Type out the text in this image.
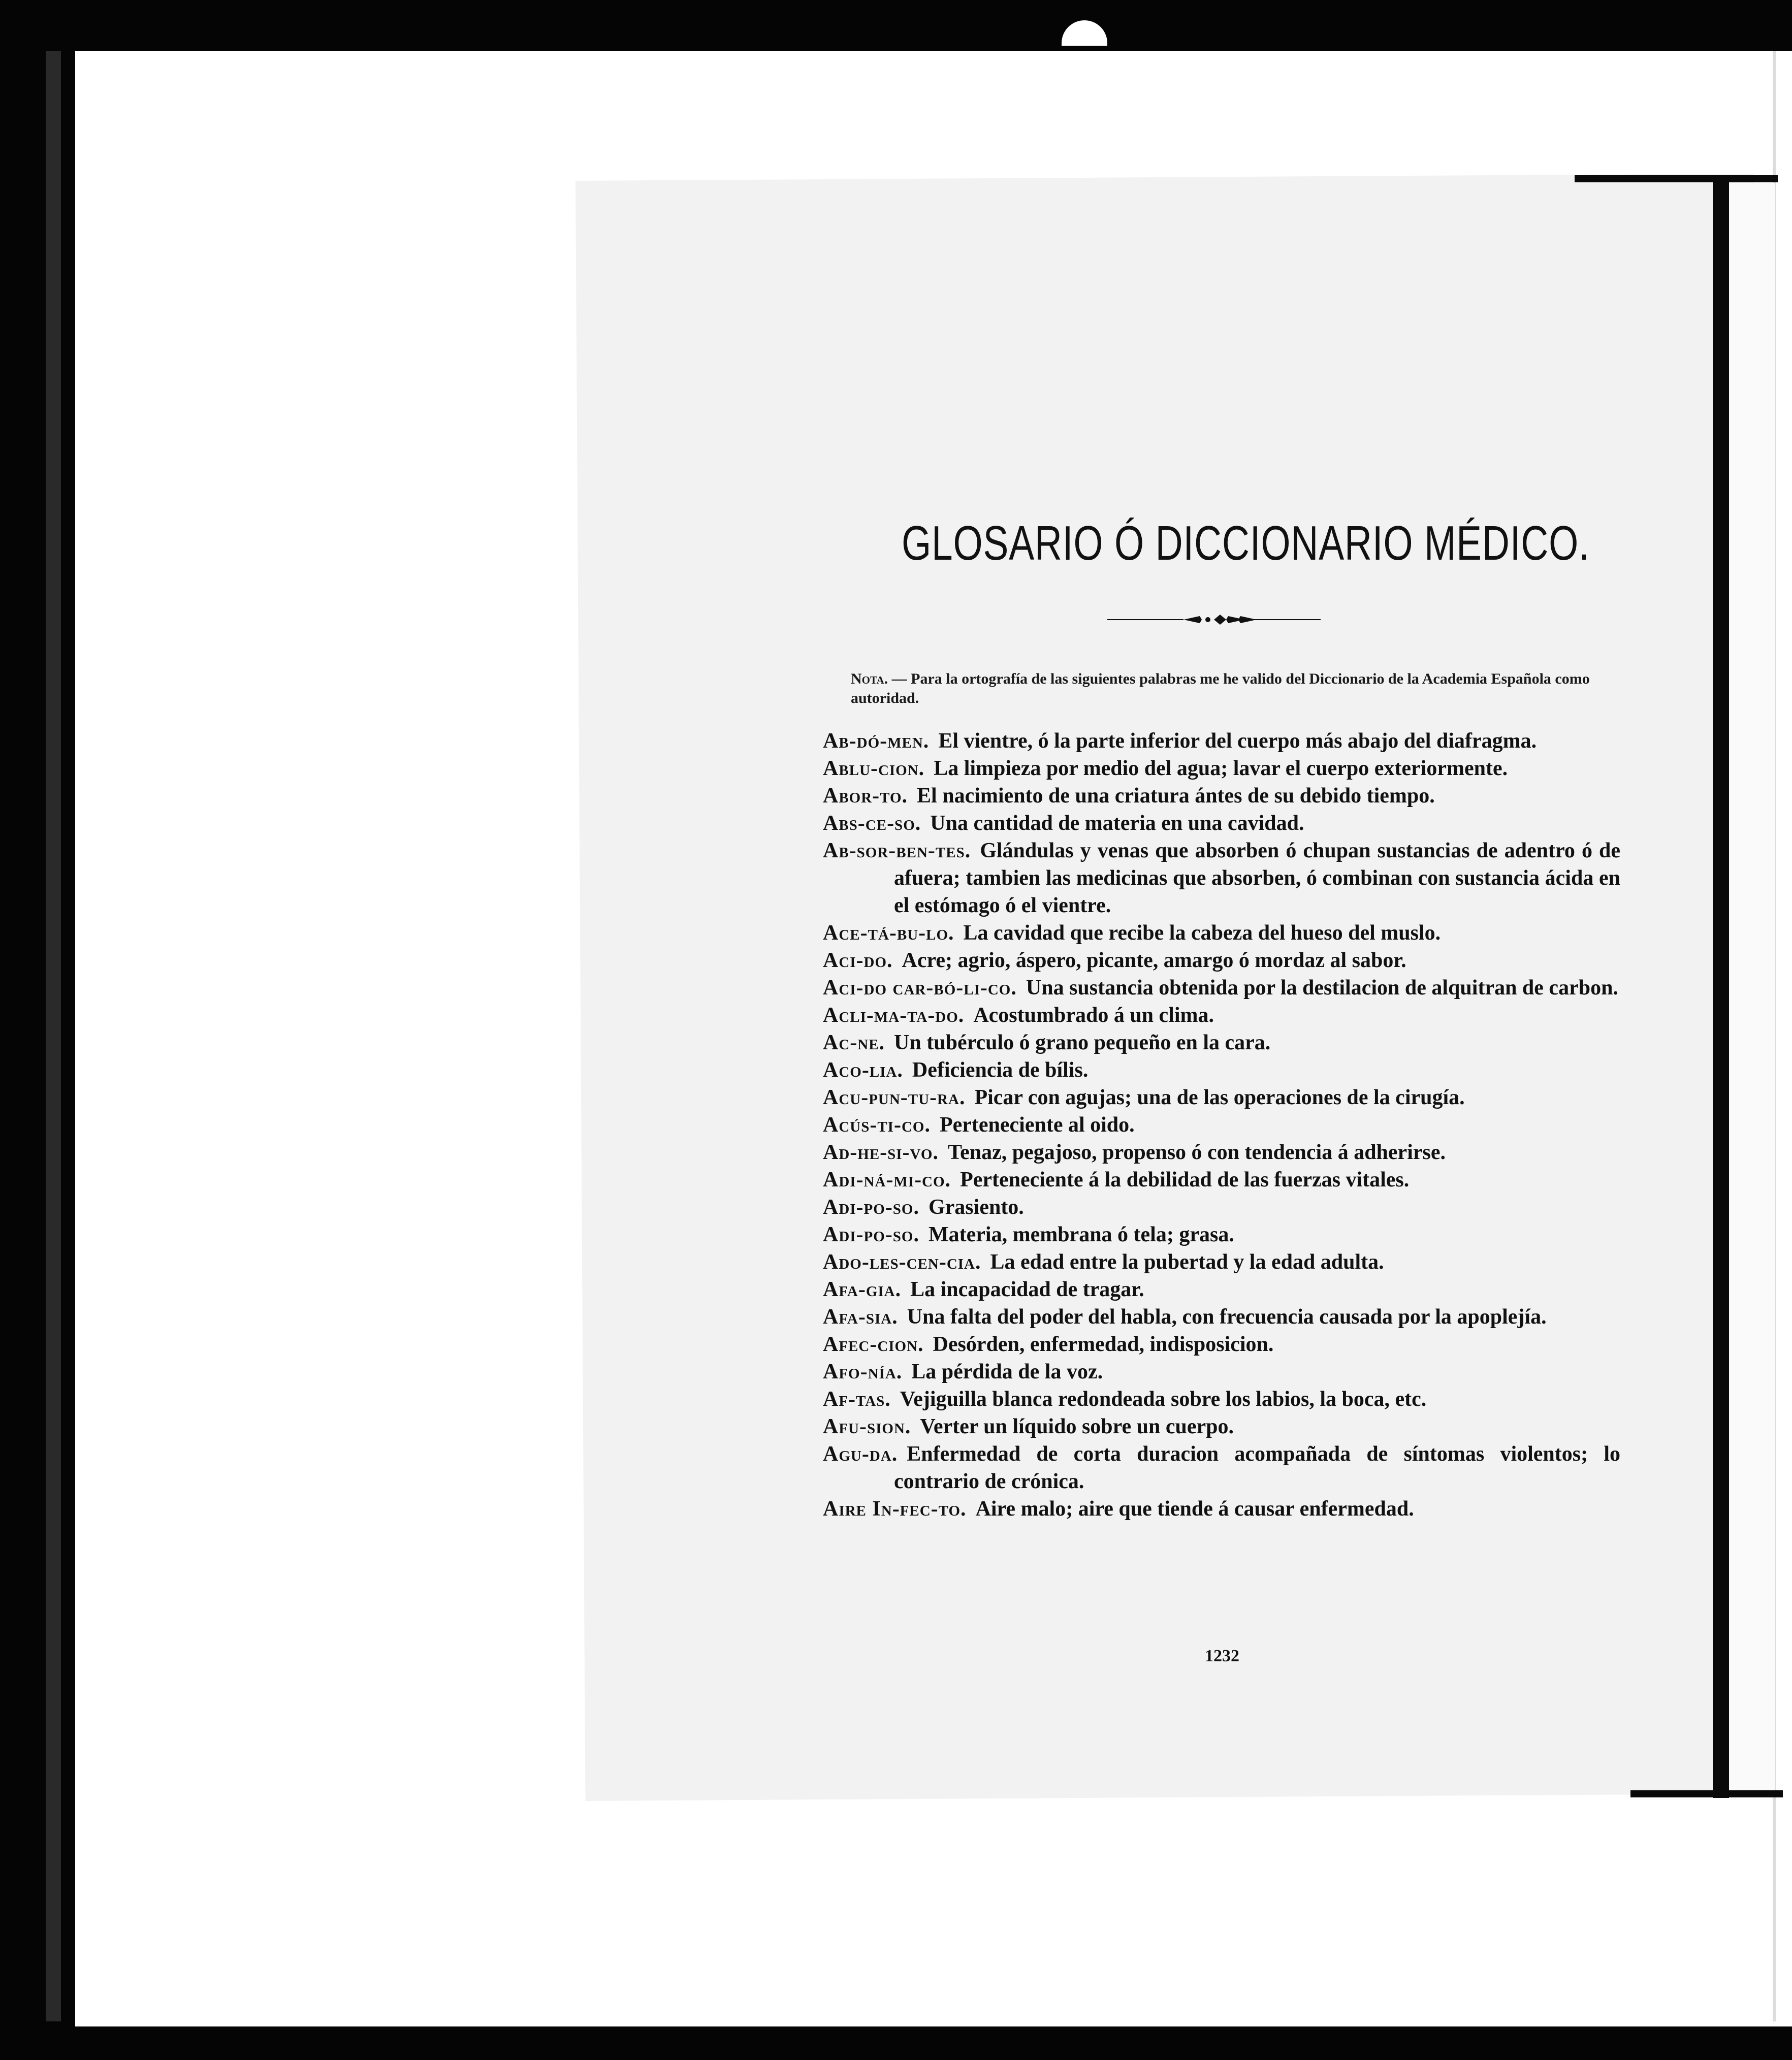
GLOSARIO Ó DICCIONARIO MÉDICO.
Nota. — Para la ortografía de las siguientes palabras me he valido del Diccionario de la Academia Española como autoridad.
Ab-dó-men. El vientre, ó la parte inferior del cuerpo más abajo del diafragma.
Ablu-cion. La limpieza por medio del agua; lavar el cuerpo exteriormente.
Abor-to. El nacimiento de una criatura ántes de su debido tiempo.
Abs-ce-so. Una cantidad de materia en una cavidad.
Ab-sor-ben-tes. Glándulas y venas que absorben ó chupan sustancias de adentro ó de afuera; tambien las medicinas que absorben, ó combinan con sustancia ácida en el estómago ó el vientre.
Ace-tá-bu-lo. La cavidad que recibe la cabeza del hueso del muslo.
Aci-do. Acre; agrio, áspero, picante, amargo ó mordaz al sabor.
Aci-do car-bó-li-co. Una sustancia obtenida por la destilacion de alquitran de carbon.
Acli-ma-ta-do. Acostumbrado á un clima.
Ac-ne. Un tubérculo ó grano pequeño en la cara.
Aco-lia. Deficiencia de bílis.
Acu-pun-tu-ra. Picar con agujas; una de las operaciones de la cirugía.
Acús-ti-co. Perteneciente al oido.
Ad-he-si-vo. Tenaz, pegajoso, propenso ó con tendencia á adherirse.
Adi-ná-mi-co. Perteneciente á la debilidad de las fuerzas vitales.
Adi-po-so. Grasiento.
Adi-po-so. Materia, membrana ó tela; grasa.
Ado-les-cen-cia. La edad entre la pubertad y la edad adulta.
Afa-gia. La incapacidad de tragar.
Afa-sia. Una falta del poder del habla, con frecuencia causada por la apoplejía.
Afec-cion. Desórden, enfermedad, indisposicion.
Afo-nía. La pérdida de la voz.
Af-tas. Vejiguilla blanca redondeada sobre los labios, la boca, etc.
Afu-sion. Verter un líquido sobre un cuerpo.
Agu-da. Enfermedad de corta duracion acompañada de síntomas violentos; lo contrario de crónica.
Aire In-fec-to. Aire malo; aire que tiende á causar enfermedad.
1232
